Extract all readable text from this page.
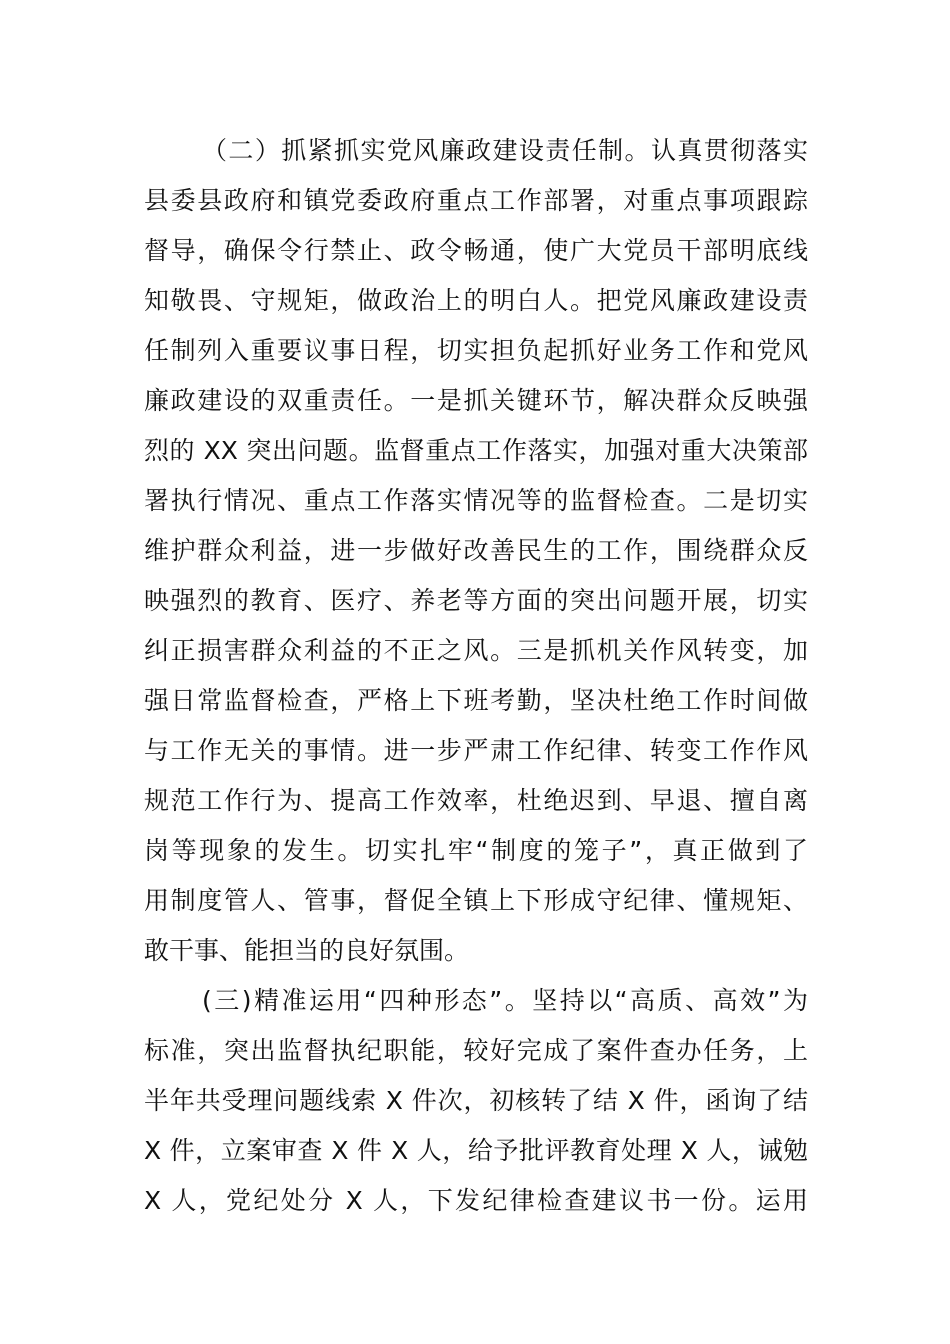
（二）抓紧抓实党风廉政建设责任制。认真贯彻落实
县委县政府和镇党委政府重点工作部署，对重点事项跟踪
督导，确保令行禁止、政令畅通，使广大党员干部明底线
知敬畏、守规矩，做政治上的明白人。把党风廉政建设责
任制列入重要议事日程，切实担负起抓好业务工作和党风
廉政建设的双重责任。一是抓关键环节，解决群众反映强
烈的 XX 突出问题。监督重点工作落实，加强对重大决策部
署执行情况、重点工作落实情况等的监督检查。二是切实
维护群众利益，进一步做好改善民生的工作，围绕群众反
映强烈的教育、医疗、养老等方面的突出问题开展，切实
纠正损害群众利益的不正之风。三是抓机关作风转变，加
强日常监督检查，严格上下班考勤，坚决杜绝工作时间做
与工作无关的事情。进一步严肃工作纪律、转变工作作风
规范工作行为、提高工作效率，杜绝迟到、早退、擅自离
岗等现象的发生。切实扎牢“制度的笼子”，真正做到了
用制度管人、管事，督促全镇上下形成守纪律、懂规矩、
敢干事、能担当的良好氛围。
(三)精准运用“四种形态”。坚持以“高质、高效”为
标准，突出监督执纪职能，较好完成了案件查办任务，上
半年共受理问题线索 X 件次，初核转了结 X 件，函询了结
X 件，立案审查 X 件 X 人，给予批评教育处理 X 人，诫勉
X 人，党纪处分 X 人，下发纪律检查建议书一份。运用
